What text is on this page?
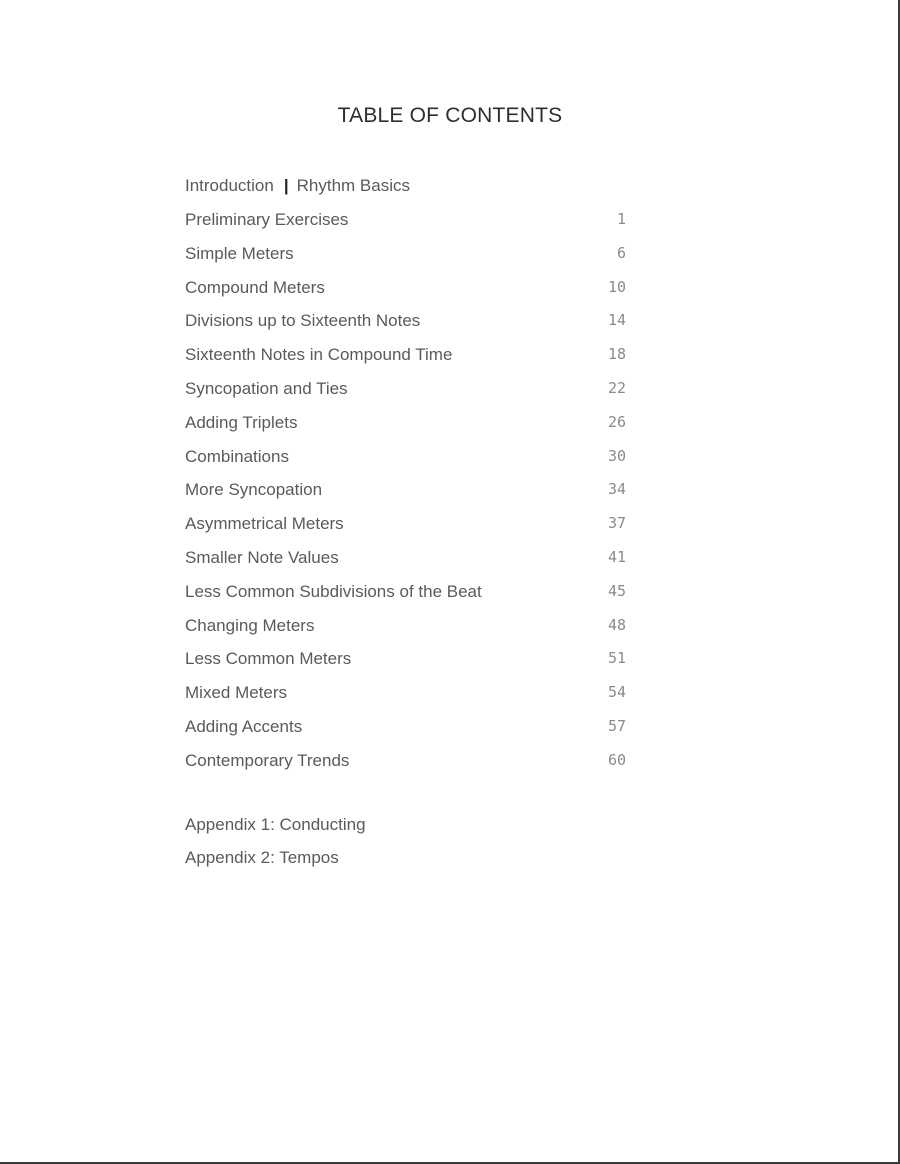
TABLE OF CONTENTS
Introduction | Rhythm Basics
Preliminary Exercises	1
Simple Meters	6
Compound Meters	10
Divisions up to Sixteenth Notes	14
Sixteenth Notes in Compound Time	18
Syncopation and Ties	22
Adding Triplets	26
Combinations	30
More Syncopation	34
Asymmetrical Meters	37
Smaller Note Values	41
Less Common Subdivisions of the Beat	45
Changing Meters	48
Less Common Meters	51
Mixed Meters	54
Adding Accents	57
Contemporary Trends	60
Appendix 1: Conducting
Appendix 2: Tempos
